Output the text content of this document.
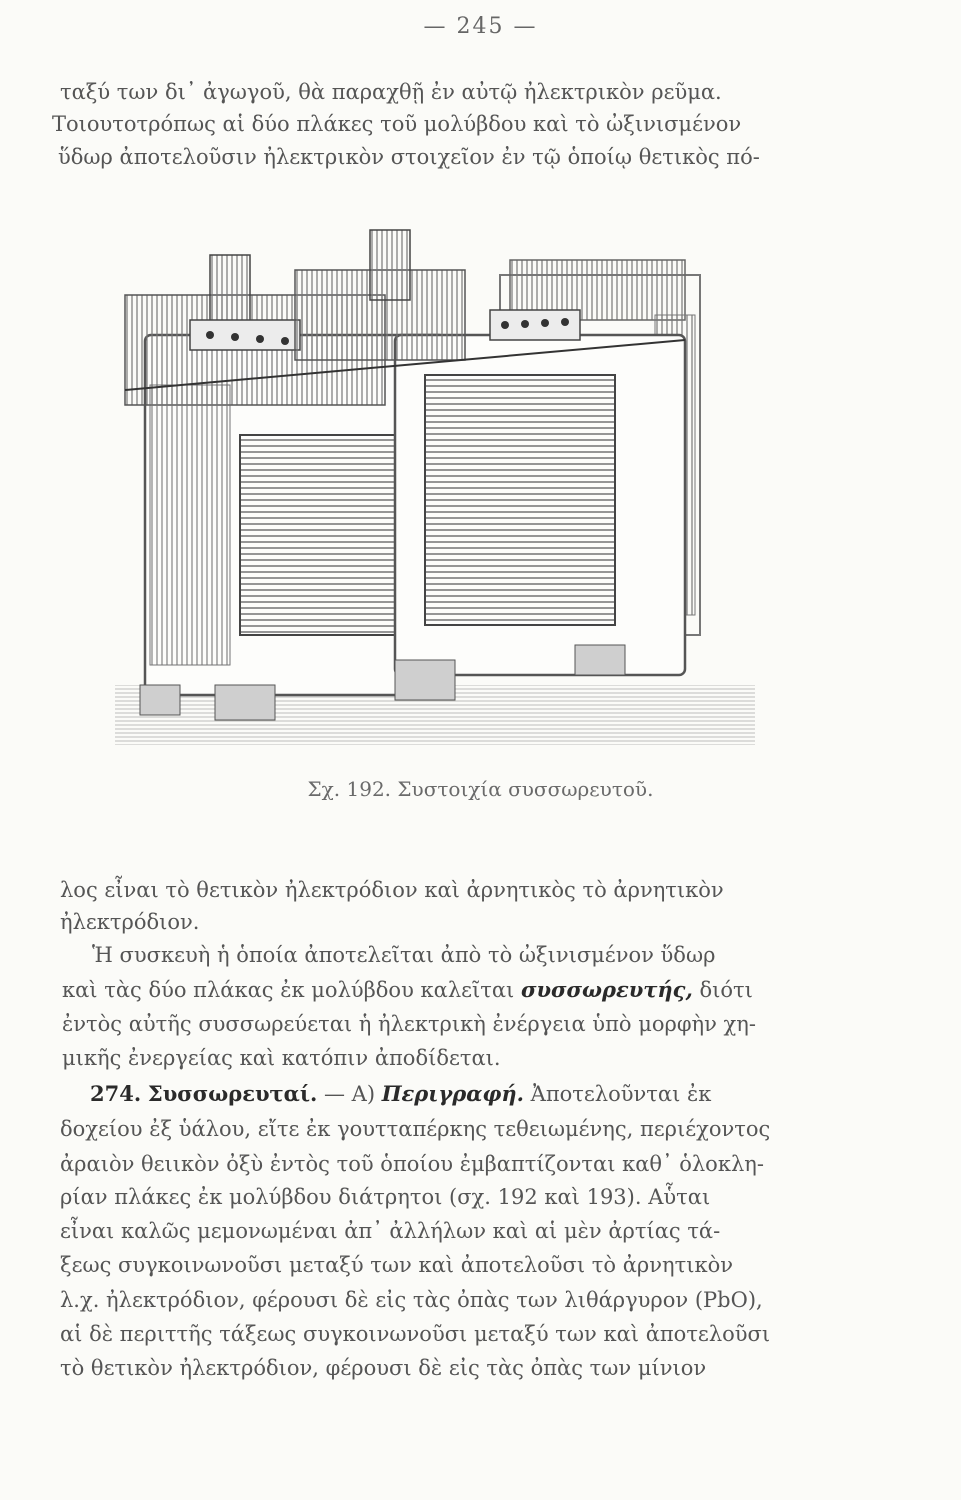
— 245 —
ταξύ των δι᾽ ἀγωγοῦ, θὰ παραχθῇ ἐν αὐτῷ ἠλεκτρικὸν ρεῦμα.
Τοιουτοτρόπως αἱ δύο πλάκες τοῦ μολύβδου καὶ τὸ ὠξινισμένον
ὕδωρ ἀποτελοῦσιν ἠλεκτρικὸν στοιχεῖον ἐν τῷ ὁποίῳ θετικὸς πό-
Σχ. 192. Συστοιχία συσσωρευτοῦ.
λος εἶναι τὸ θετικὸν ἠλεκτρόδιον καὶ ἀρνητικὸς τὸ ἀρνητικὸν
ἠλεκτρόδιον.
Ἡ συσκευὴ ἡ ὁποία ἀποτελεῖται ἀπὸ τὸ ὠξινισμένον ὕδωρ
καὶ τὰς δύο πλάκας ἐκ μολύβδου καλεῖται συσσωρευτής, διότι
ἐντὸς αὐτῆς συσσωρεύεται ἡ ἠλεκτρικὴ ἐνέργεια ὑπὸ μορφὴν χη-
μικῆς ἐνεργείας καὶ κατόπιν ἀποδίδεται.
274. Συσσωρευταί. — Α) Περιγραφή. Ἀποτελοῦνται ἐκ
δοχείου ἐξ ὑάλου, εἴτε ἐκ γουτταπέρκης τεθειωμένης, περιέχοντος
ἀραιὸν θειικὸν ὀξὺ ἐντὸς τοῦ ὁποίου ἐμβαπτίζονται καθ᾽ ὁλοκλη-
ρίαν πλάκες ἐκ μολύβδου διάτρητοι (σχ. 192 καὶ 193). Αὗται
εἶναι καλῶς μεμονωμέναι ἀπ᾽ ἀλλήλων καὶ αἱ μὲν ἀρτίας τά-
ξεως συγκοινωνοῦσι μεταξύ των καὶ ἀποτελοῦσι τὸ ἀρνητικὸν
λ.χ. ἠλεκτρόδιον, φέρουσι δὲ εἰς τὰς ὀπὰς των λιθάργυρον (PbO),
αἱ δὲ περιττῆς τάξεως συγκοινωνοῦσι μεταξύ των καὶ ἀποτελοῦσι
τὸ θετικὸν ἠλεκτρόδιον, φέρουσι δὲ εἰς τὰς ὀπὰς των μίνιον
